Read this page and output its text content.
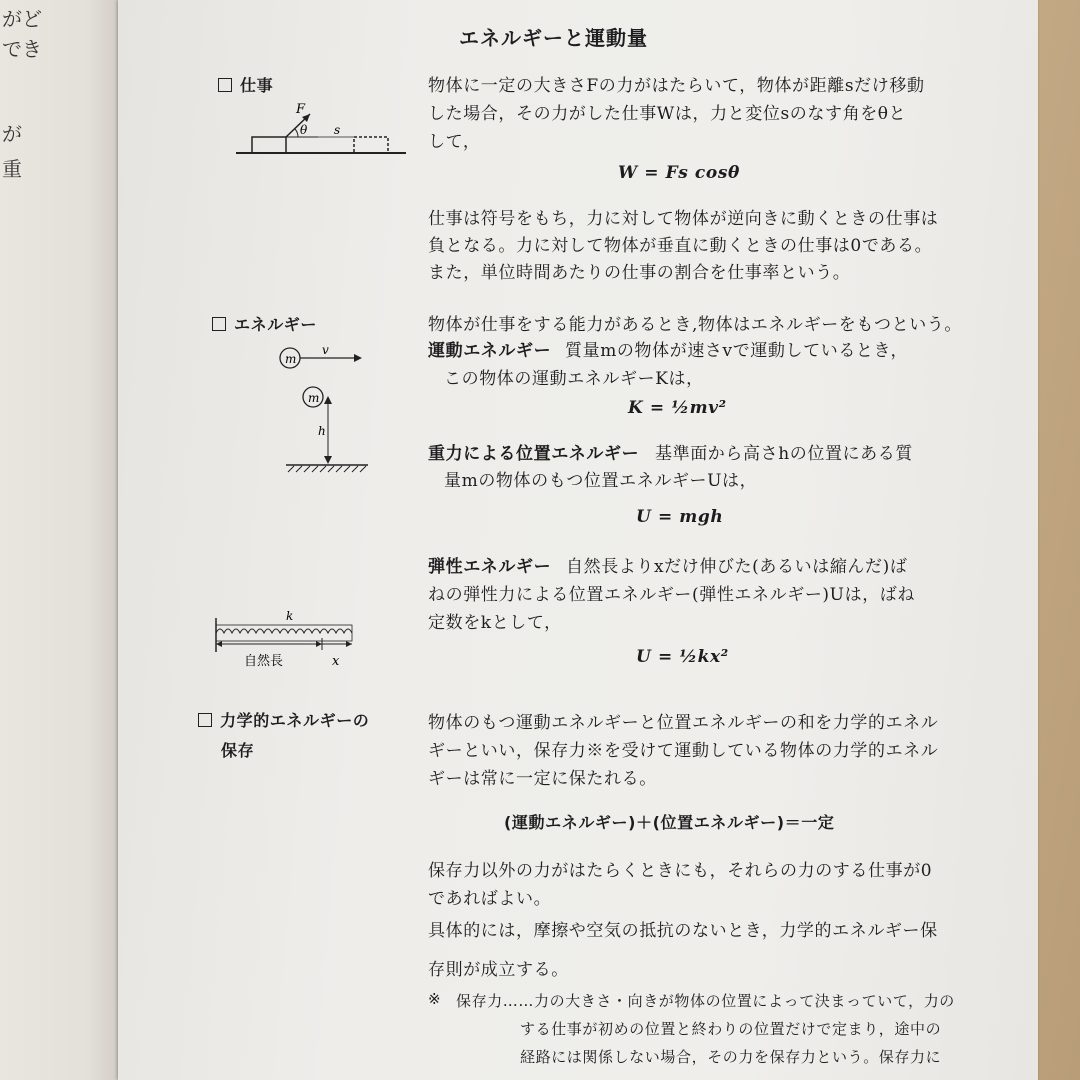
がど
でき
が
重
エネルギーと運動量
仕事
F
θ s
物体に一定の大きさFの力がはたらいて，物体が距離sだけ移動
した場合，その力がした仕事Wは，力と変位sのなす角をθと
して，
W = Fs cosθ
仕事は符号をもち，力に対して物体が逆向きに動くときの仕事は
負となる。力に対して物体が垂直に動くときの仕事は0である。
また，単位時間あたりの仕事の割合を仕事率という。
エネルギー
m
v
m
h
物体が仕事をする能力があるとき,物体はエネルギーをもつという。
運動エネルギー 質量mの物体が速さvで運動しているとき，
この物体の運動エネルギーKは，
K = ½mv²
重力による位置エネルギー 基準面から高さhの位置にある質
量mの物体のもつ位置エネルギーUは，
U = mgh
弾性エネルギー 自然長よりxだけ伸びた(あるいは縮んだ)ば
ねの弾性力による位置エネルギー(弾性エネルギー)Uは，ばね
定数をkとして，
U = ½kx²
k
自然長	x
力学的エネルギーの
保存
物体のもつ運動エネルギーと位置エネルギーの和を力学的エネル
ギーといい，保存力※を受けて運動している物体の力学的エネル
ギーは常に一定に保たれる。
(運動エネルギー)＋(位置エネルギー)＝一定
保存力以外の力がはたらくときにも，それらの力のする仕事が0
であればよい。
具体的には，摩擦や空気の抵抗のないとき，力学的エネルギー保
存則が成立する。
※ 保存力……力の大きさ・向きが物体の位置によって決まっていて，力の
する仕事が初めの位置と終わりの位置だけで定まり，途中の
経路には関係しない場合，その力を保存力という。保存力に
